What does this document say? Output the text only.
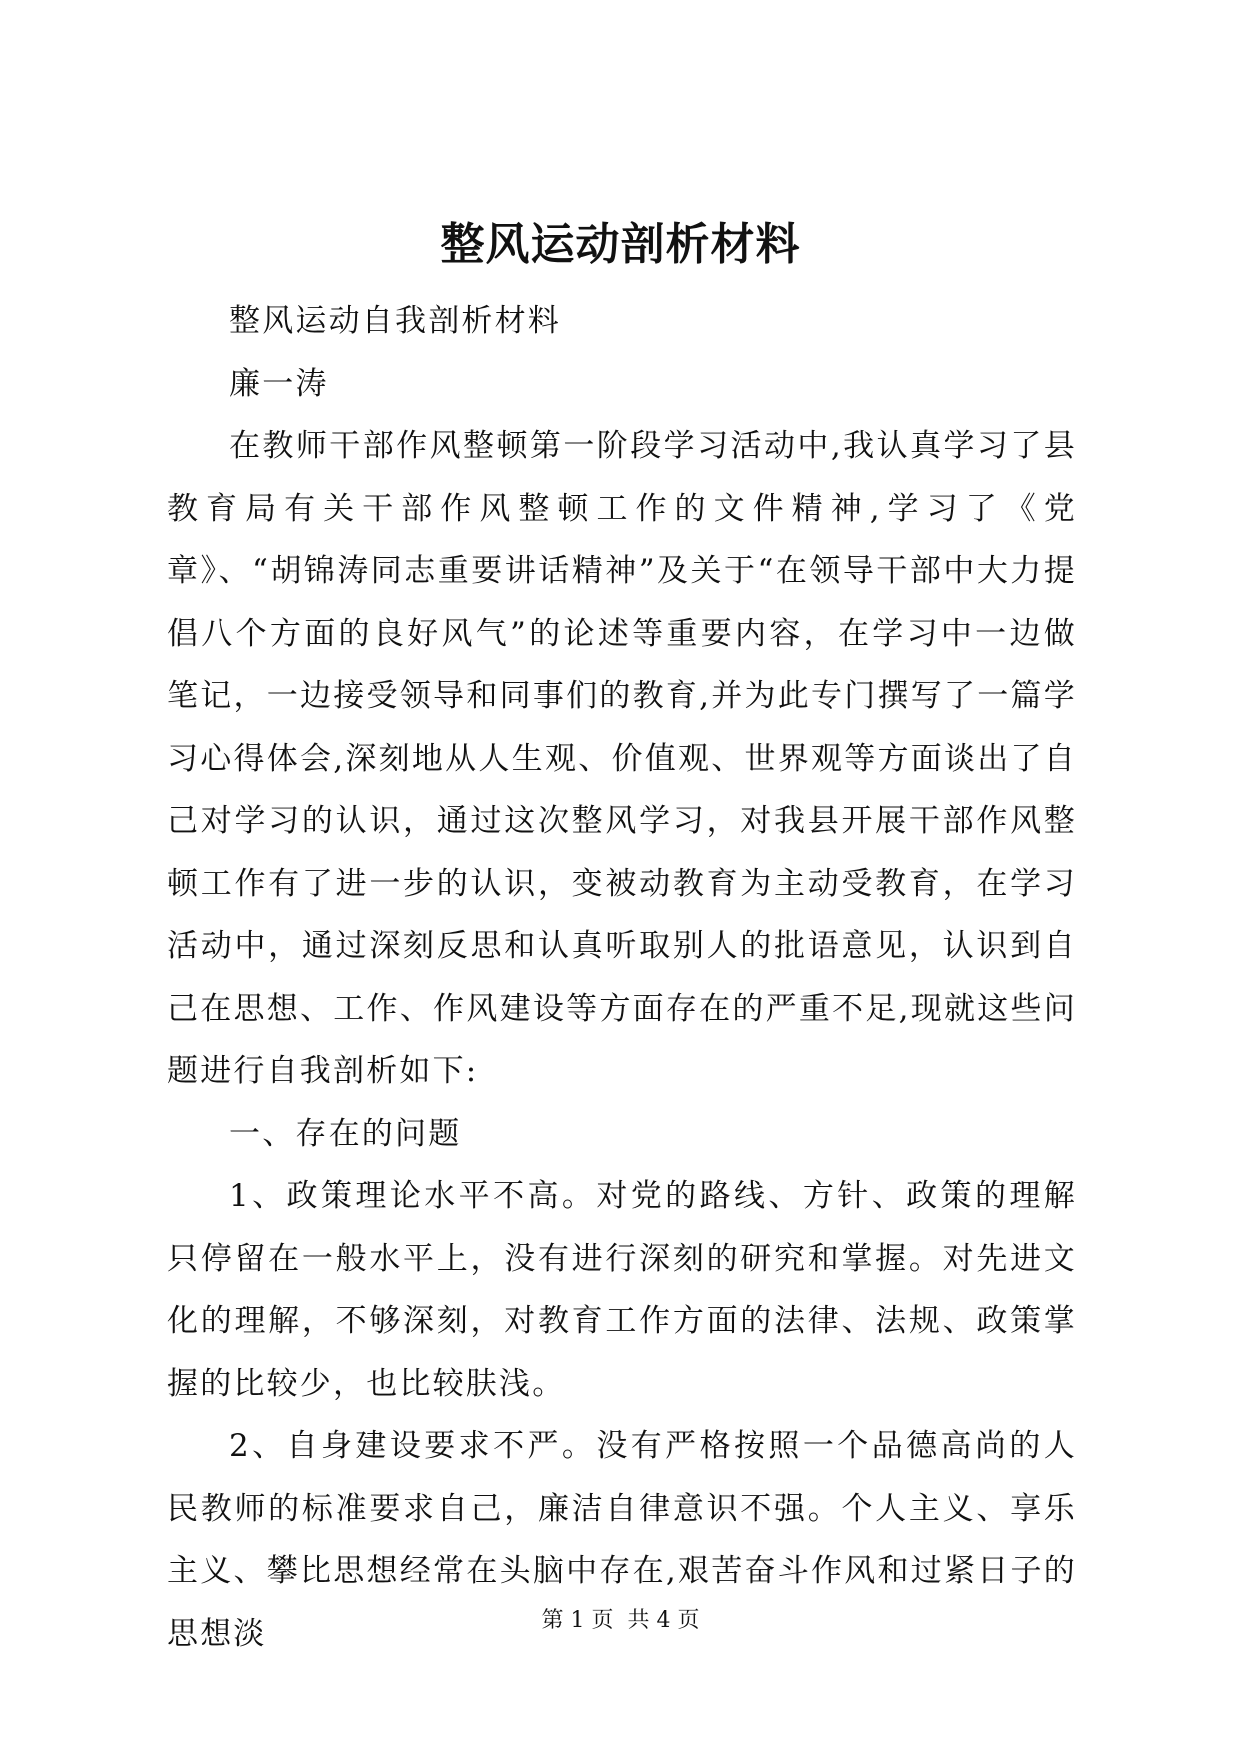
整风运动剖析材料

整风运动自我剖析材料

廉一涛

在教师干部作风整顿第一阶段学习活动中,我认真学习了县教育局有关干部作风整顿工作的文件精神,学习了《党章》、“胡锦涛同志重要讲话精神”及关于“在领导干部中大力提倡八个方面的良好风气”的论述等重要内容，在学习中一边做笔记，一边接受领导和同事们的教育,并为此专门撰写了一篇学习心得体会,深刻地从人生观、价值观、世界观等方面谈出了自己对学习的认识，通过这次整风学习，对我县开展干部作风整顿工作有了进一步的认识，变被动教育为主动受教育，在学习活动中，通过深刻反思和认真听取别人的批语意见，认识到自己在思想、工作、作风建设等方面存在的严重不足,现就这些问题进行自我剖析如下:

一、存在的问题

1、政策理论水平不高。对党的路线、方针、政策的理解只停留在一般水平上，没有进行深刻的研究和掌握。对先进文化的理解，不够深刻，对教育工作方面的法律、法规、政策掌握的比较少，也比较肤浅。

2、自身建设要求不严。没有严格按照一个品德高尚的人民教师的标准要求自己，廉洁自律意识不强。个人主义、享乐主义、攀比思想经常在头脑中存在,艰苦奋斗作风和过紧日子的思想淡	第 1 页  共 4 页
